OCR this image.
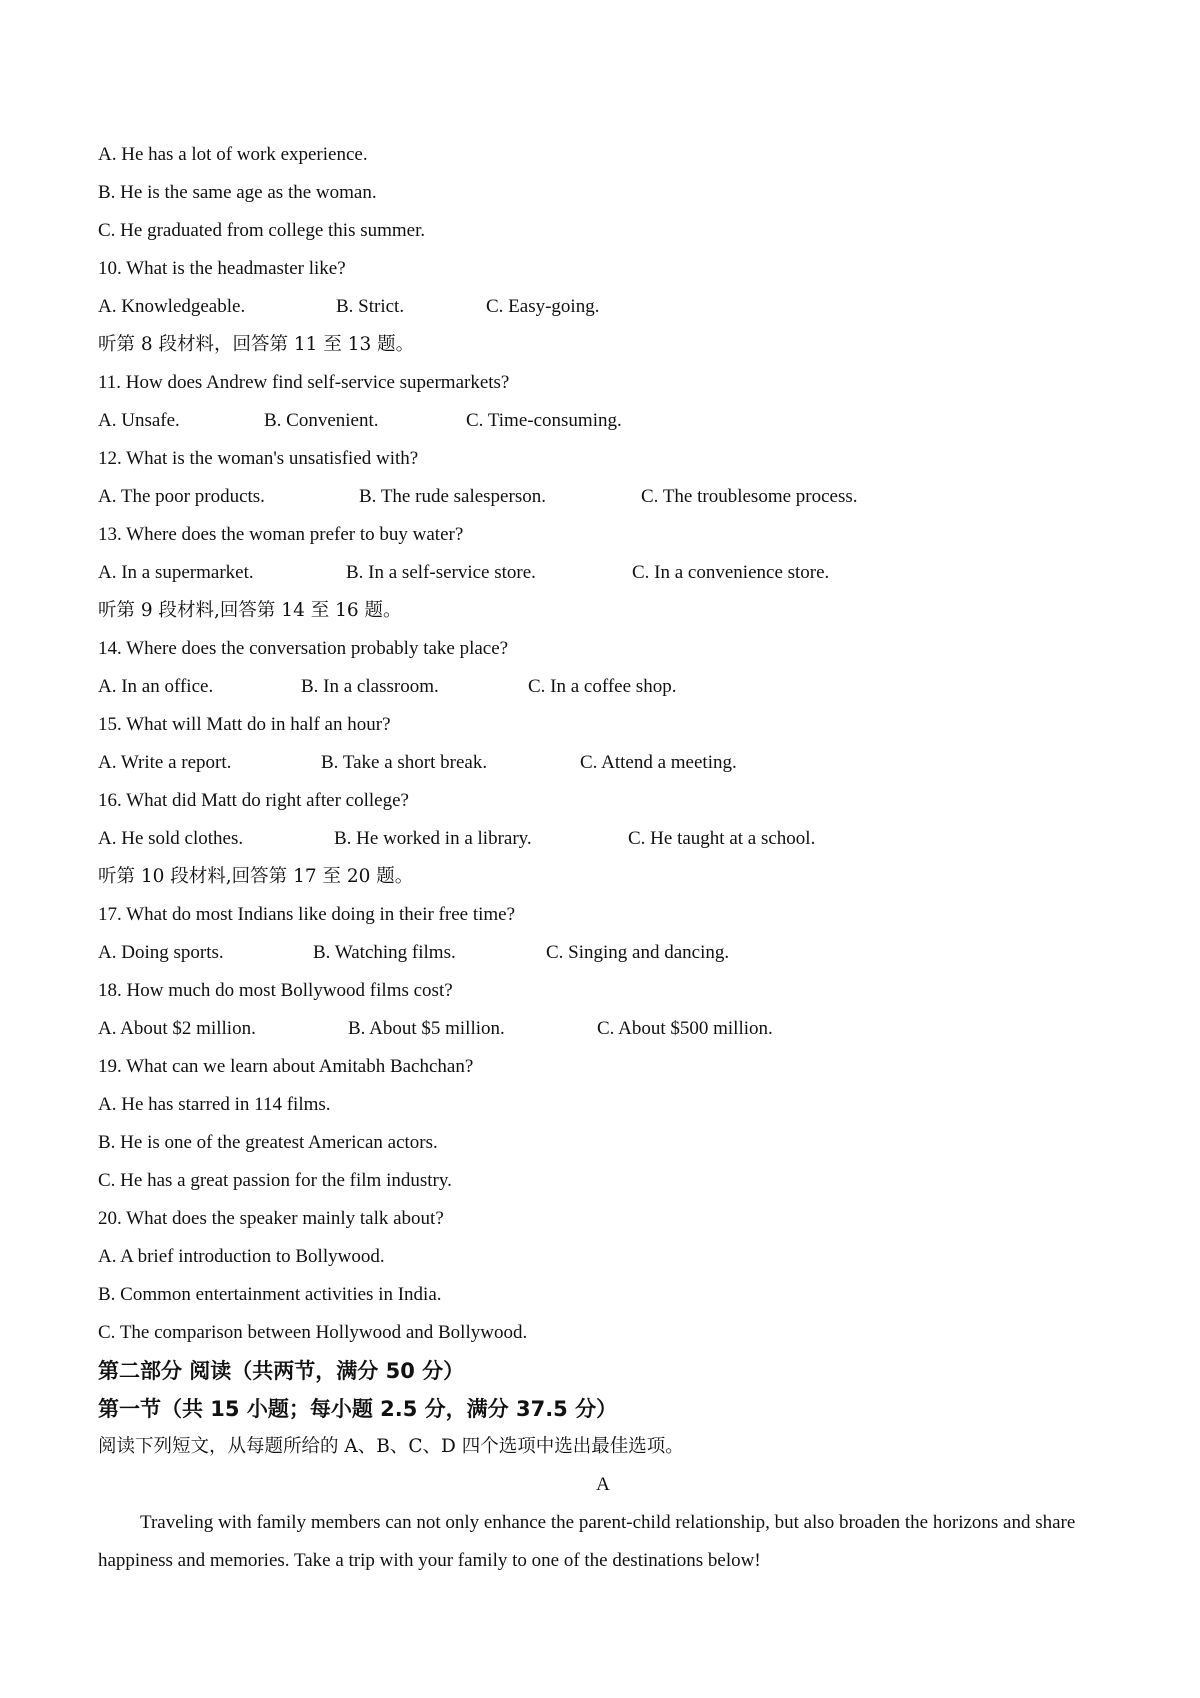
A. He has a lot of work experience.
B. He is the same age as the woman.
C. He graduated from college this summer.
10. What is the headmaster like?
A. Knowledgeable.	B. Strict.	C. Easy-going.
听第 8 段材料，回答第 11 至 13 题。
11. How does Andrew find self-service supermarkets?
A. Unsafe.	B. Convenient.	C. Time-consuming.
12. What is the woman's unsatisfied with?
A. The poor products.	B. The rude salesperson.	C. The troublesome process.
13. Where does the woman prefer to buy water?
A. In a supermarket.	B. In a self-service store.	C. In a convenience store.
听第 9 段材料,回答第 14 至 16 题。
14. Where does the conversation probably take place?
A. In an office.	B. In a classroom.	C. In a coffee shop.
15. What will Matt do in half an hour?
A. Write a report.	B. Take a short break.	C. Attend a meeting.
16. What did Matt do right after college?
A. He sold clothes.	B. He worked in a library.	C. He taught at a school.
听第 10 段材料,回答第 17 至 20 题。
17. What do most Indians like doing in their free time?
A. Doing sports.	B. Watching films.	C. Singing and dancing.
18. How much do most Bollywood films cost?
A. About $2 million.	B. About $5 million.	C. About $500 million.
19. What can we learn about Amitabh Bachchan?
A. He has starred in 114 films.
B. He is one of the greatest American actors.
C. He has a great passion for the film industry.
20. What does the speaker mainly talk about?
A. A brief introduction to Bollywood.
B. Common entertainment activities in India.
C. The comparison between Hollywood and Bollywood.
第二部分 阅读（共两节，满分 50 分）
第一节（共 15 小题；每小题 2.5 分，满分 37.5 分）
阅读下列短文，从每题所给的 A、B、C、D 四个选项中选出最佳选项。
A
Traveling with family members can not only enhance the parent-child relationship, but also broaden the horizons and share happiness and memories. Take a trip with your family to one of the destinations below!
